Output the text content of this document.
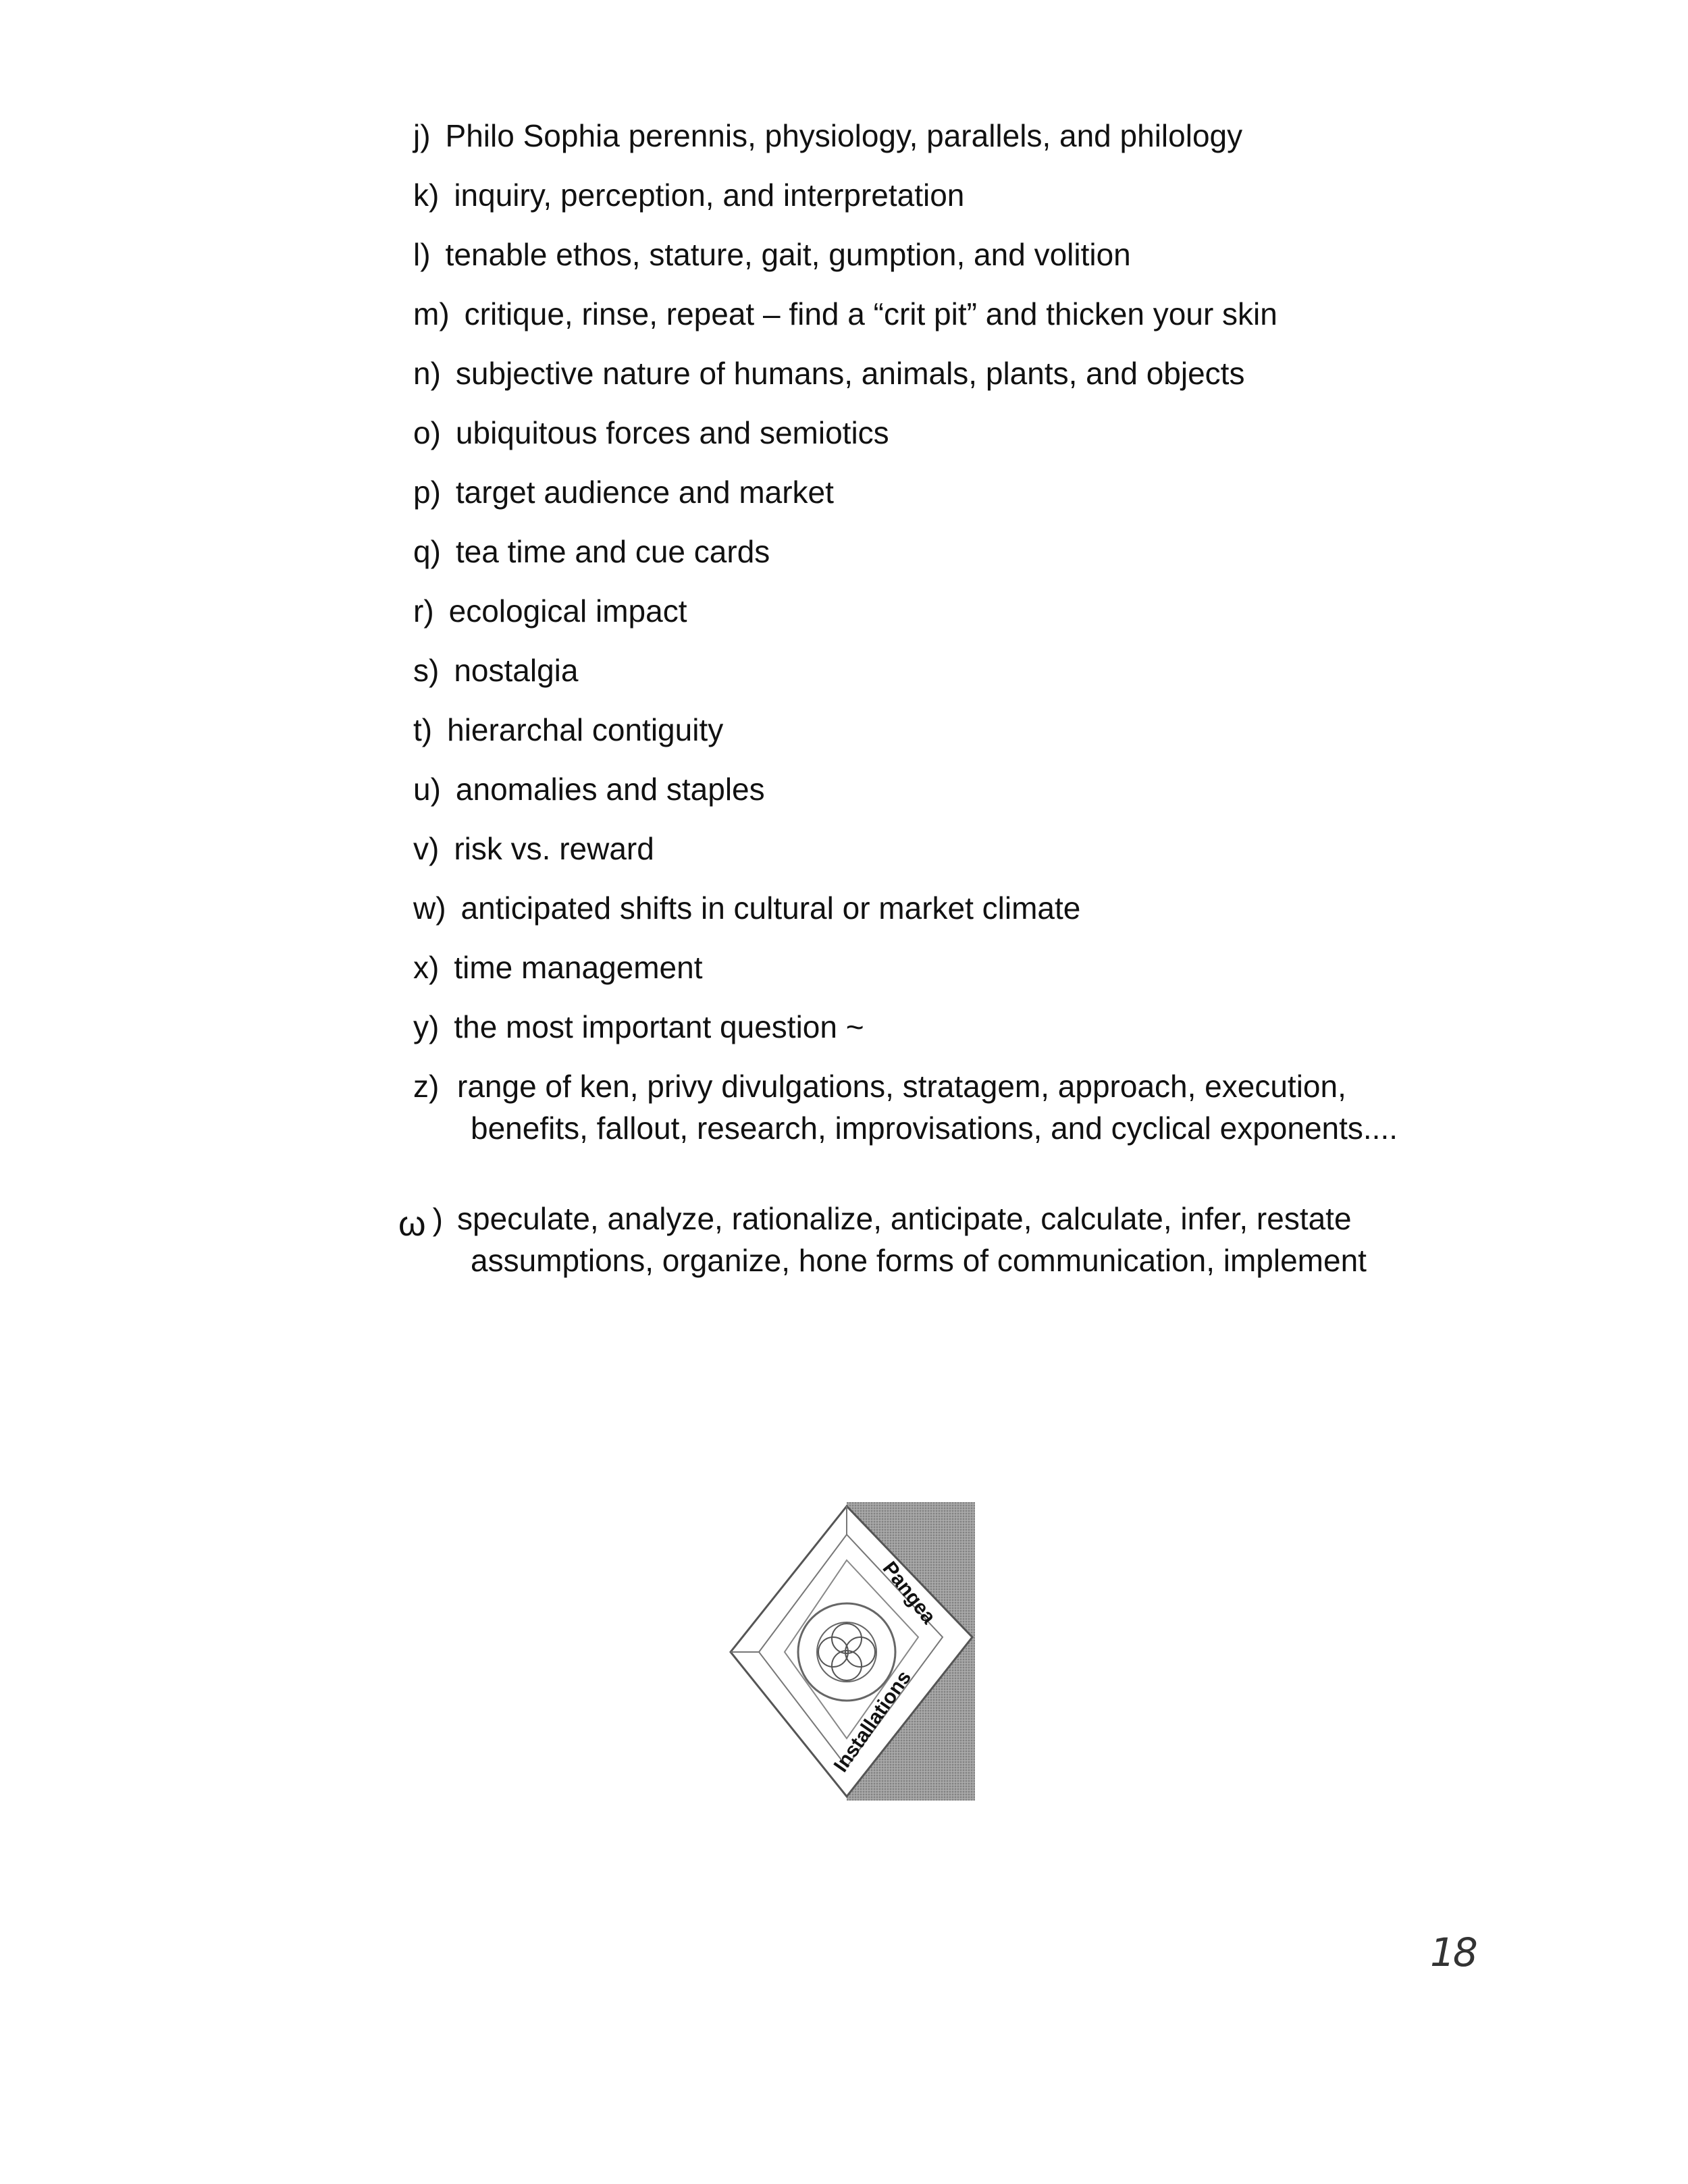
j) Philo Sophia perennis, physiology, parallels, and philology
k) inquiry, perception, and interpretation
l) tenable ethos, stature, gait, gumption, and volition
m) critique, rinse, repeat – find a “crit pit” and thicken your skin
n) subjective nature of humans, animals, plants, and objects
o) ubiquitous forces and semiotics
p) target audience and market
q) tea time and cue cards
r) ecological impact
s) nostalgia
t) hierarchal contiguity
u) anomalies and staples
v) risk vs. reward
w) anticipated shifts in cultural or market climate
x) time management
y) the most important question ~
z) range of ken, privy divulgations, stratagem, approach, execution, benefits, fallout, research, improvisations, and cyclical exponents....
ω ) speculate, analyze, rationalize, anticipate, calculate, infer, restate assumptions, organize, hone forms of communication, implement
Pangea
Installations
18
